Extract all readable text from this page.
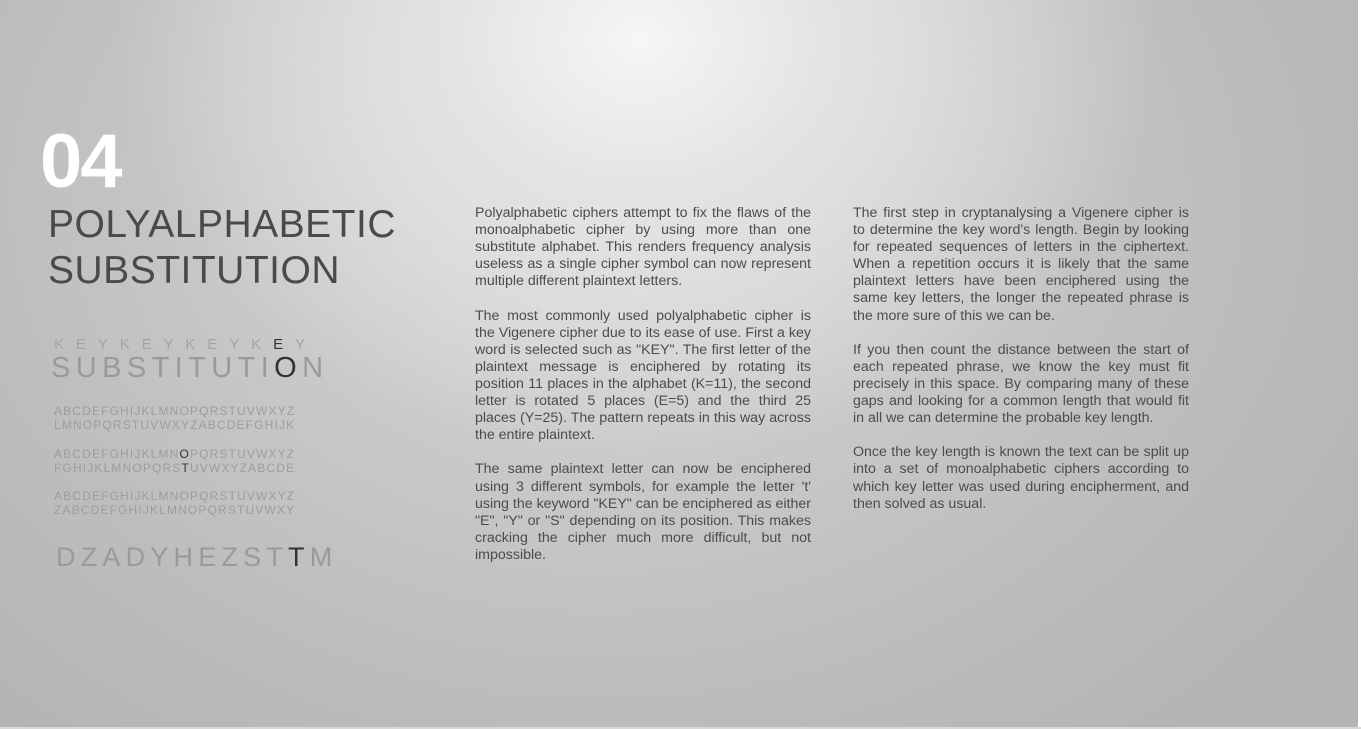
04
POLYALPHABETIC
SUBSTITUTION
KEYKEYKEYKEY
SUBSTITUTION
ABCDEFGHIJKLMNOPQRSTUVWXYZ
LMNOPQRSTUVWXYZABCDEFGHIJK
ABCDEFGHIJKLMNOPQRSTUVWXYZ
FGHIJKLMNOPQRSTUVWXYZABCDE
ABCDEFGHIJKLMNOPQRSTUVWXYZ
ZABCDEFGHIJKLMNOPQRSTUVWXY
DZADYHEZSTTM

Polyalphabetic ciphers attempt to fix the flaws of the monoalphabetic cipher by using more than one substitute alphabet. This renders frequency analysis useless as a single cipher symbol can now represent multiple different plaintext letters.

The most commonly used polyalphabetic cipher is the Vigenere cipher due to its ease of use. First a key word is selected such as "KEY". The first letter of the plaintext message is enciphered by rotating its position 11 places in the alphabet (K=11), the second letter is rotated 5 places (E=5) and the third 25 places (Y=25). The pattern repeats in this way across the entire plaintext.

The same plaintext letter can now be enciphered using 3 different symbols, for example the letter 't' using the keyword "KEY" can be enciphered as either "E", "Y" or "S" depending on its position. This makes cracking the cipher much more difficult, but not impossible.

The first step in cryptanalysing a Vigenere cipher is to determine the key word's length. Begin by looking for repeated sequences of letters in the ciphertext. When a repetition occurs it is likely that the same plaintext letters have been enciphered using the same key letters, the longer the repeated phrase is the more sure of this we can be.

If you then count the distance between the start of each repeated phrase, we know the key must fit precisely in this space. By comparing many of these gaps and looking for a common length that would fit in all we can determine the probable key length.

Once the key length is known the text can be split up into a set of monoalphabetic ciphers according to which key letter was used during encipherment, and then solved as usual.
